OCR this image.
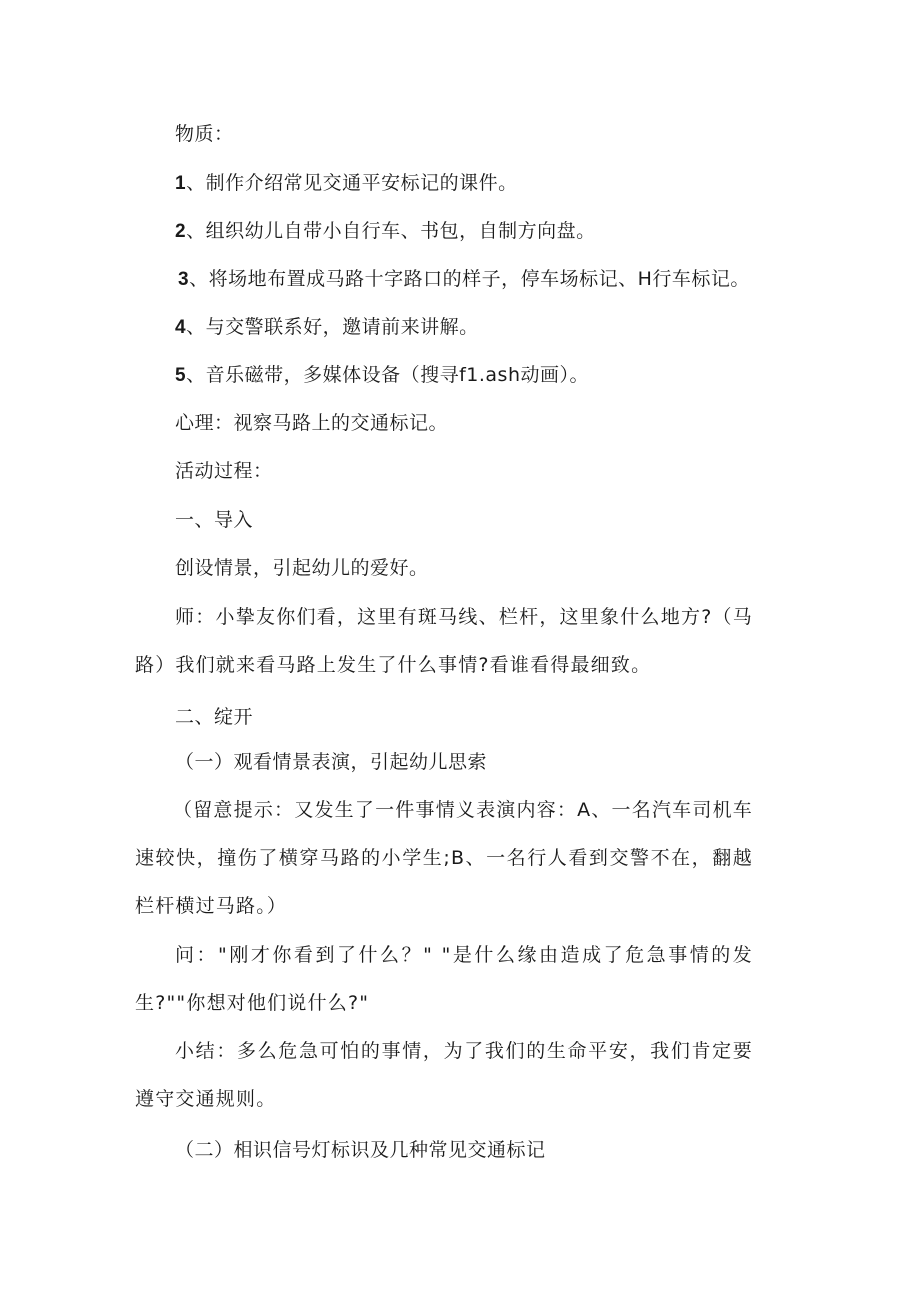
物质：
1、制作介绍常见交通平安标记的课件。
2、组织幼儿自带小自行车、书包，自制方向盘。
3、将场地布置成马路十字路口的样子，停车场标记、H行车标记。
4、与交警联系好，邀请前来讲解。
5、音乐磁带，多媒体设备（搜寻f1.ash动画）。
心理：视察马路上的交通标记。
活动过程：
一、导入
创设情景，引起幼儿的爱好。
师：小挚友你们看，这里有斑马线、栏杆，这里象什么地方?（马路）我们就来看马路上发生了什么事情?看谁看得最细致。
二、绽开
（一）观看情景表演，引起幼儿思索
（留意提示：又发生了一件事情义表演内容：A、一名汽车司机车速较快，撞伤了横穿马路的小学生;B、一名行人看到交警不在，翻越栏杆横过马路。）
问："刚才你看到了什么？" "是什么缘由造成了危急事情的发生?""你想对他们说什么?"
小结：多么危急可怕的事情，为了我们的生命平安，我们肯定要遵守交通规则。
（二）相识信号灯标识及几种常见交通标记
